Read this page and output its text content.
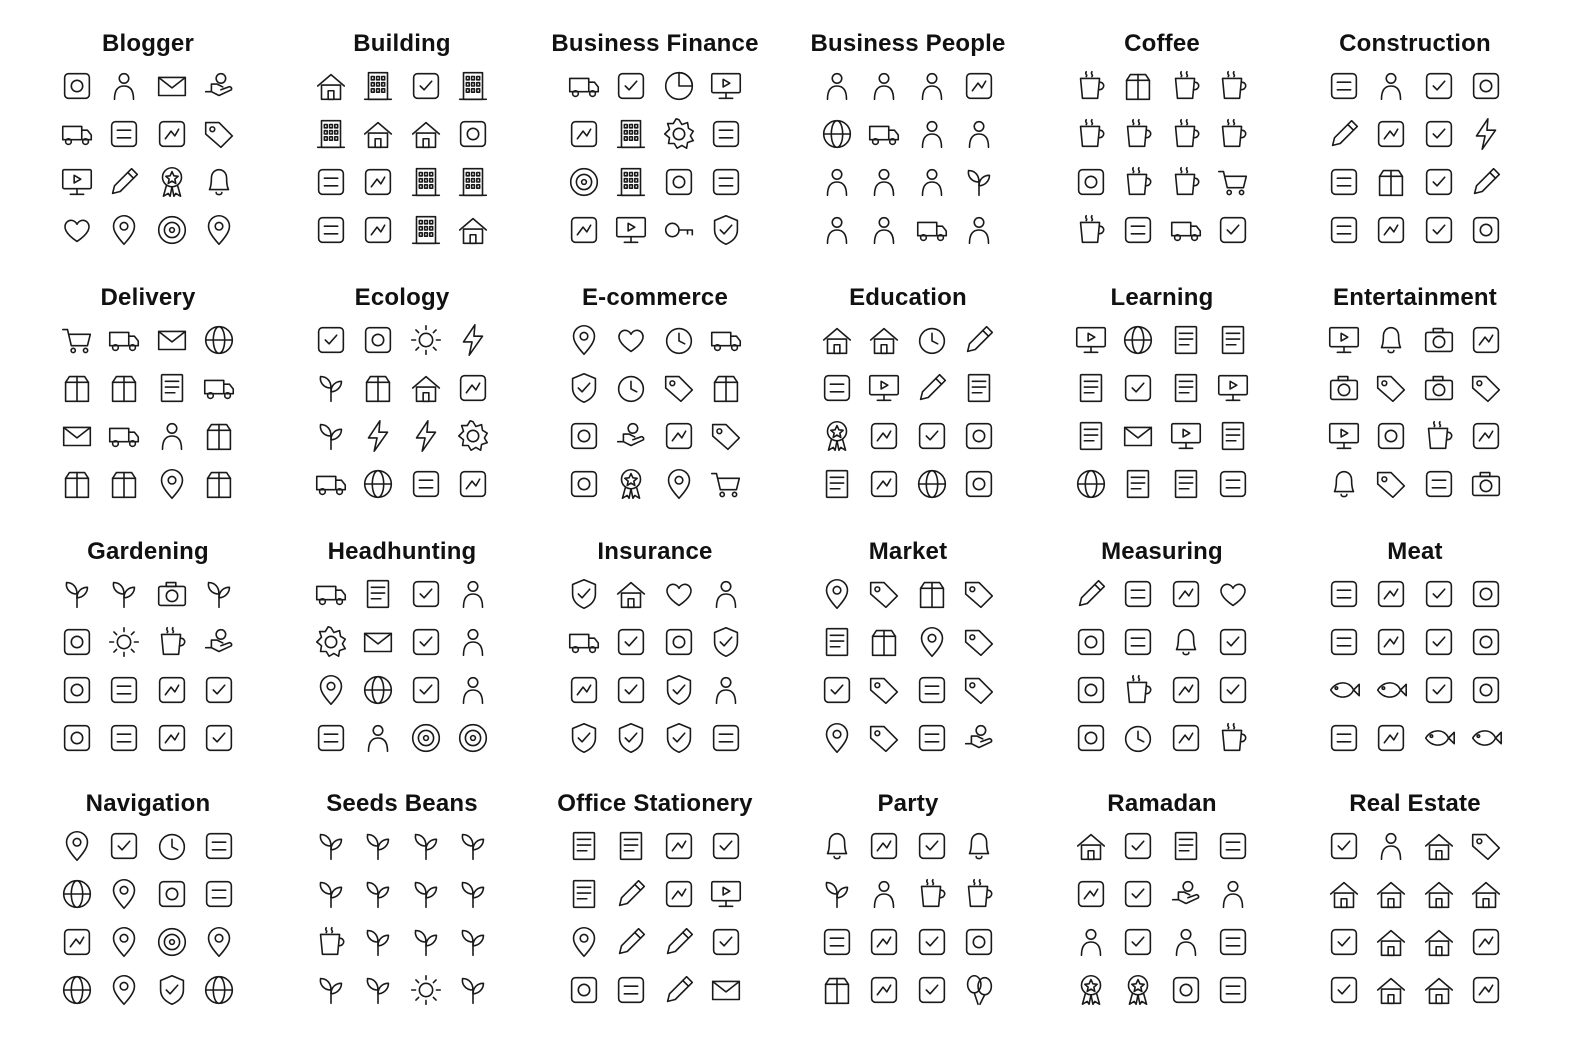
Blogger	Building	Business Finance	Business People	Coffee	Construction
Delivery	Ecology	E-commerce	Education	Learning	Entertainment
Gardening	Headhunting	Insurance	Market	Measuring	Meat
Navigation	Seeds Beans	Office Stationery	Party	Ramadan	Real Estate
